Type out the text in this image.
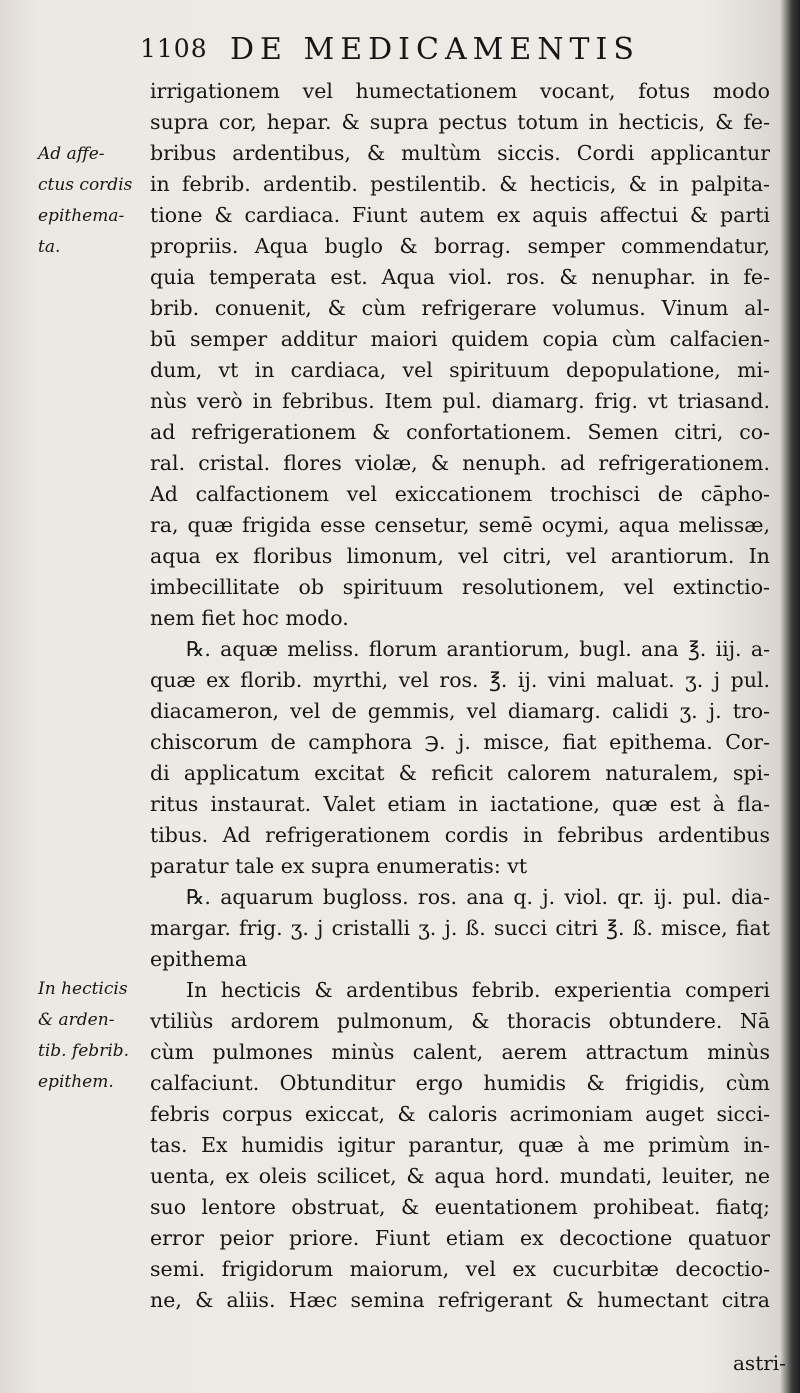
1108 DE MEDICAMENTIS
Ad affe-
ctus cordis
epithema-
ta.
In hecticis
& arden-
tib. febrib.
epithem.
irrigationem vel humectationem vocant, fotus modo
supra cor, hepar. & supra pectus totum in hecticis, & fe-
bribus ardentibus, & multùm siccis. Cordi applicantur
in febrib. ardentib. pestilentib. & hecticis, & in palpita-
tione & cardiaca. Fiunt autem ex aquis affectui & parti
propriis. Aqua buglo & borrag. semper commendatur,
quia temperata est. Aqua viol. ros. & nenuphar. in fe-
brib. conuenit, & cùm refrigerare volumus. Vinum al-
bū semper additur maiori quidem copia cùm calfacien-
dum, vt in cardiaca, vel spirituum depopulatione, mi-
nùs verò in febribus. Item pul. diamarg. frig. vt triasand.
ad refrigerationem & confortationem. Semen citri, co-
ral. cristal. flores violæ, & nenuph. ad refrigerationem.
Ad calfactionem vel exiccationem trochisci de cāpho-
ra, quæ frigida esse censetur, semē ocymi, aqua melissæ,
aqua ex floribus limonum, vel citri, vel arantiorum. In
imbecillitate ob spirituum resolutionem, vel extinctio-
nem fiet hoc modo.
℞. aquæ meliss. florum arantiorum, bugl. ana ℥. iij. a-
quæ ex florib. myrthi, vel ros. ℥. ij. vini maluat. ʒ. j pul.
diacameron, vel de gemmis, vel diamarg. calidi ʒ. j. tro-
chiscorum de camphora ℈. j. misce, fiat epithema. Cor-
di applicatum excitat & reficit calorem naturalem, spi-
ritus instaurat. Valet etiam in iactatione, quæ est à fla-
tibus. Ad refrigerationem cordis in febribus ardentibus
paratur tale ex supra enumeratis: vt
℞. aquarum bugloss. ros. ana q. j. viol. qr. ij. pul. dia-
margar. frig. ʒ. j cristalli ʒ. j. ß. succi citri ℥. ß. misce, fiat
epithema
In hecticis & ardentibus febrib. experientia comperi
vtiliùs ardorem pulmonum, & thoracis obtundere. Nā
cùm pulmones minùs calent, aerem attractum minùs
calfaciunt. Obtunditur ergo humidis & frigidis, cùm
febris corpus exiccat, & caloris acrimoniam auget sicci-
tas. Ex humidis igitur parantur, quæ à me primùm in-
uenta, ex oleis scilicet, & aqua hord. mundati, leuiter, ne
suo lentore obstruat, & euentationem prohibeat. fiatq;
error peior priore. Fiunt etiam ex decoctione quatuor
semi. frigidorum maiorum, vel ex cucurbitæ decoctio-
ne, & aliis. Hæc semina refrigerant & humectant citra
astri-
